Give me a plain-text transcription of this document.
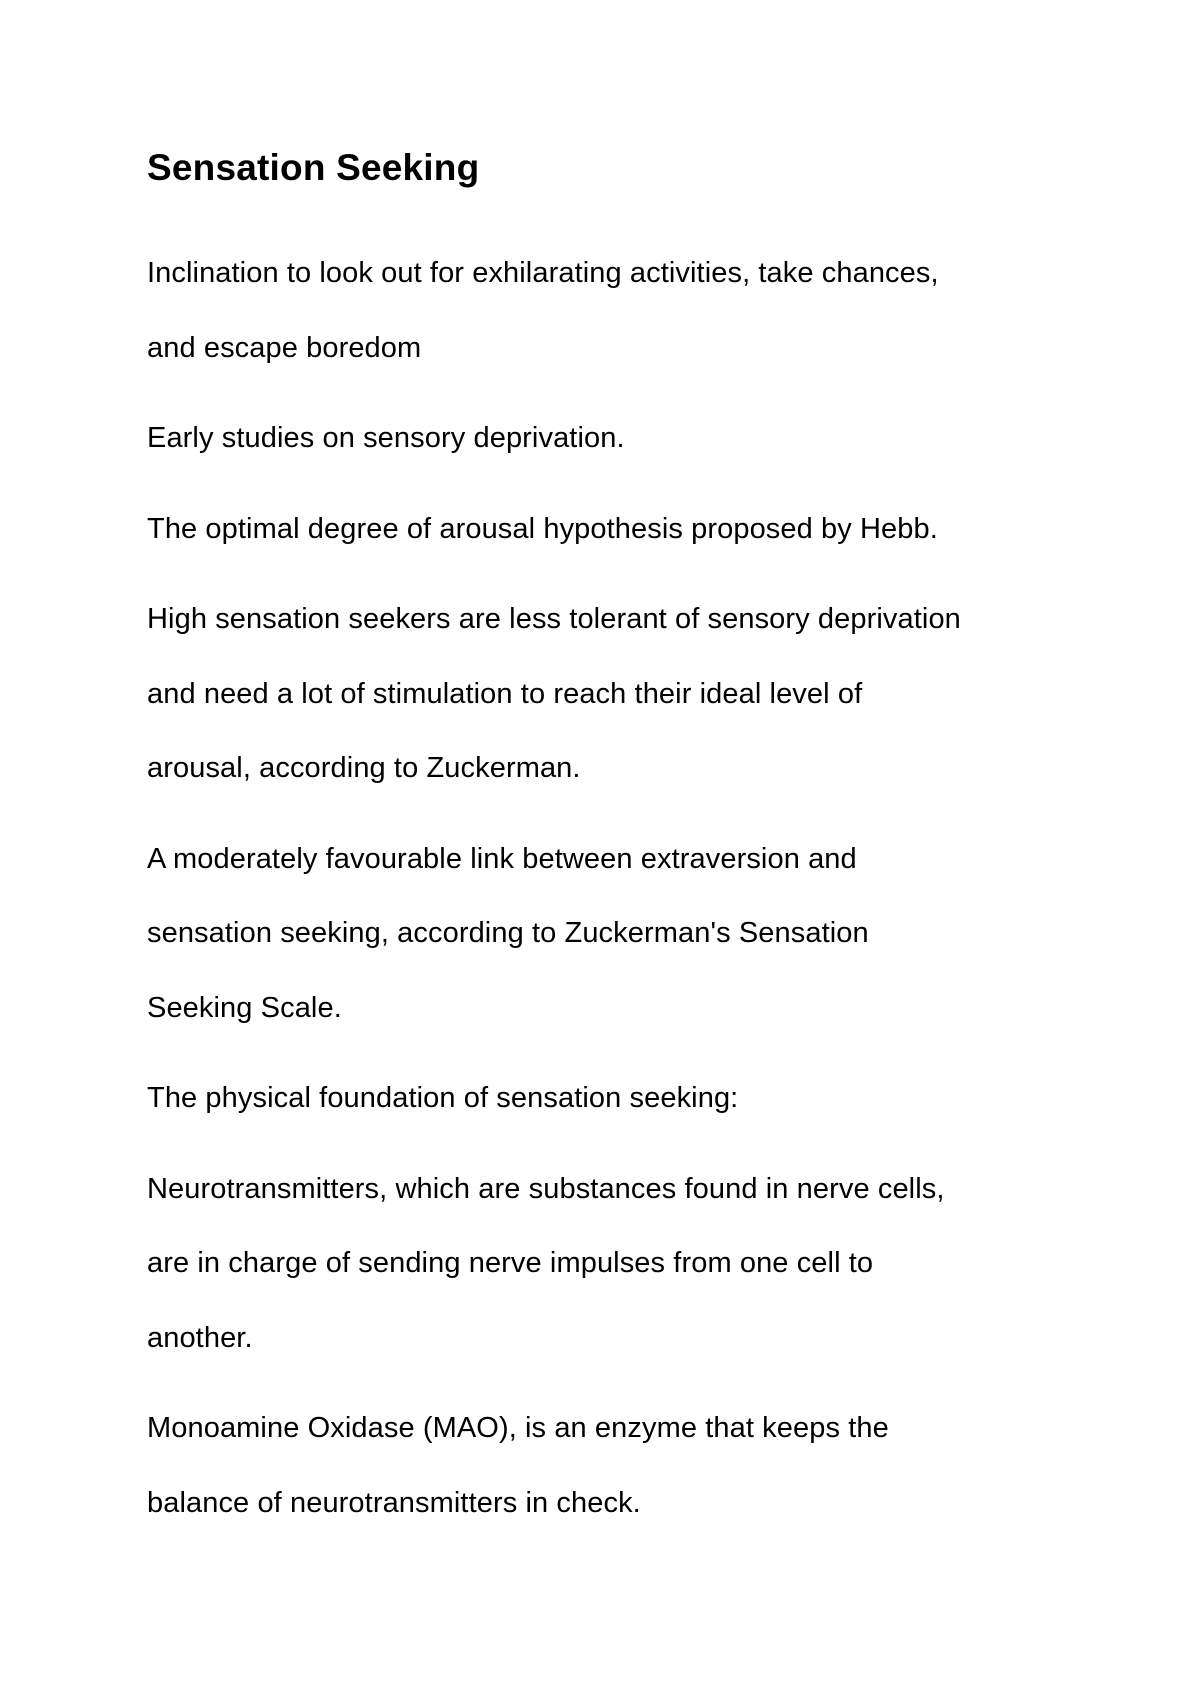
Sensation Seeking

Inclination to look out for exhilarating activities, take chances,
and escape boredom

Early studies on sensory deprivation.

The optimal degree of arousal hypothesis proposed by Hebb.

High sensation seekers are less tolerant of sensory deprivation
and need a lot of stimulation to reach their ideal level of
arousal, according to Zuckerman.

A moderately favourable link between extraversion and
sensation seeking, according to Zuckerman's Sensation
Seeking Scale.

The physical foundation of sensation seeking:

Neurotransmitters, which are substances found in nerve cells,
are in charge of sending nerve impulses from one cell to
another.

Monoamine Oxidase (MAO), is an enzyme that keeps the
balance of neurotransmitters in check.
